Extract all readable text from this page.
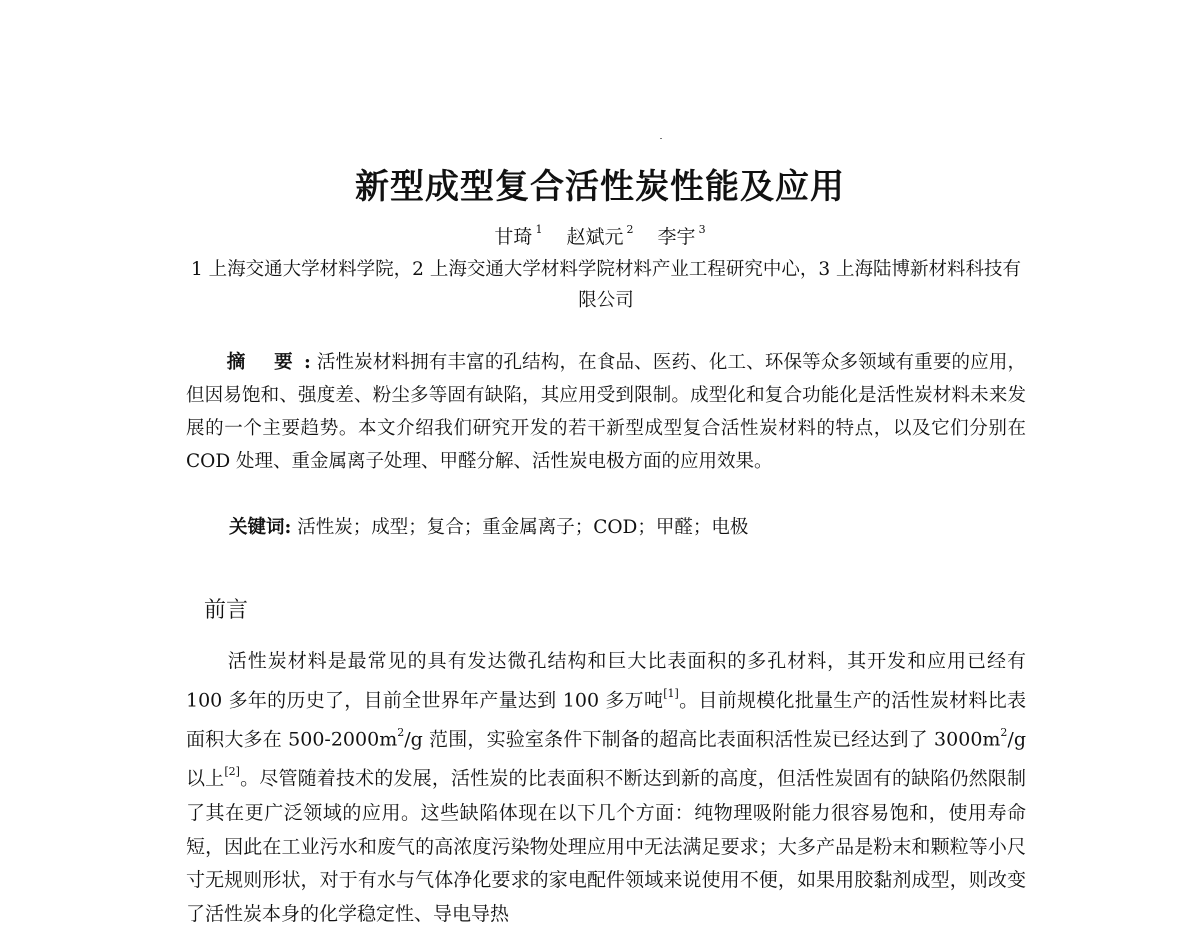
新型成型复合活性炭性能及应用
甘琦 $^1$ 赵斌元 $^2$ 李宇 $^3$
1 上海交通大学材料学院，2 上海交通大学材料学院材料产业工程研究中心，3 上海陆博新材料科技有限公司

摘 要: 活性炭材料拥有丰富的孔结构，在食品、医药、化工、环保等众多领域有重要的应用，但因易饱和、强度差、粉尘多等固有缺陷，其应用受到限制。成型化和复合功能化是活性炭材料未来发展的一个主要趋势。本文介绍我们研究开发的若干新型成型复合活性炭材料的特点，以及它们分别在 COD 处理、重金属离子处理、甲醛分解、活性炭电极方面的应用效果。

关键词: 活性炭；成型；复合；重金属离子；COD；甲醛；电极
前言

活性炭材料是最常见的具有发达微孔结构和巨大比表面积的多孔材料，其开发和应用已经有 100 多年的历史了，目前全世界年产量达到 100 多万吨[1]。目前规模化批量生产的活性炭材料比表面积大多在 $500-2000m^2/g$ 范围，实验室条件下制备的超高比表面积活性炭已经达到了 $3000m^2/g$ 以上[2]。尽管随着技术的发展，活性炭的比表面积不断达到新的高度，但活性炭固有的缺陷仍然限制了其在更广泛领域的应用。这些缺陷体现在以下几个方面：纯物理吸附能力很容易饱和，使用寿命短，因此在工业污水和废气的高浓度污染物处理应用中无法满足要求；大多产品是粉末和颗粒等小尺寸无规则形状，对于有水与气体净化要求的家电配件领域来说使用不便，如果用胶黏剂成型，则改变了活性炭本身的化学稳定性、导电导热
